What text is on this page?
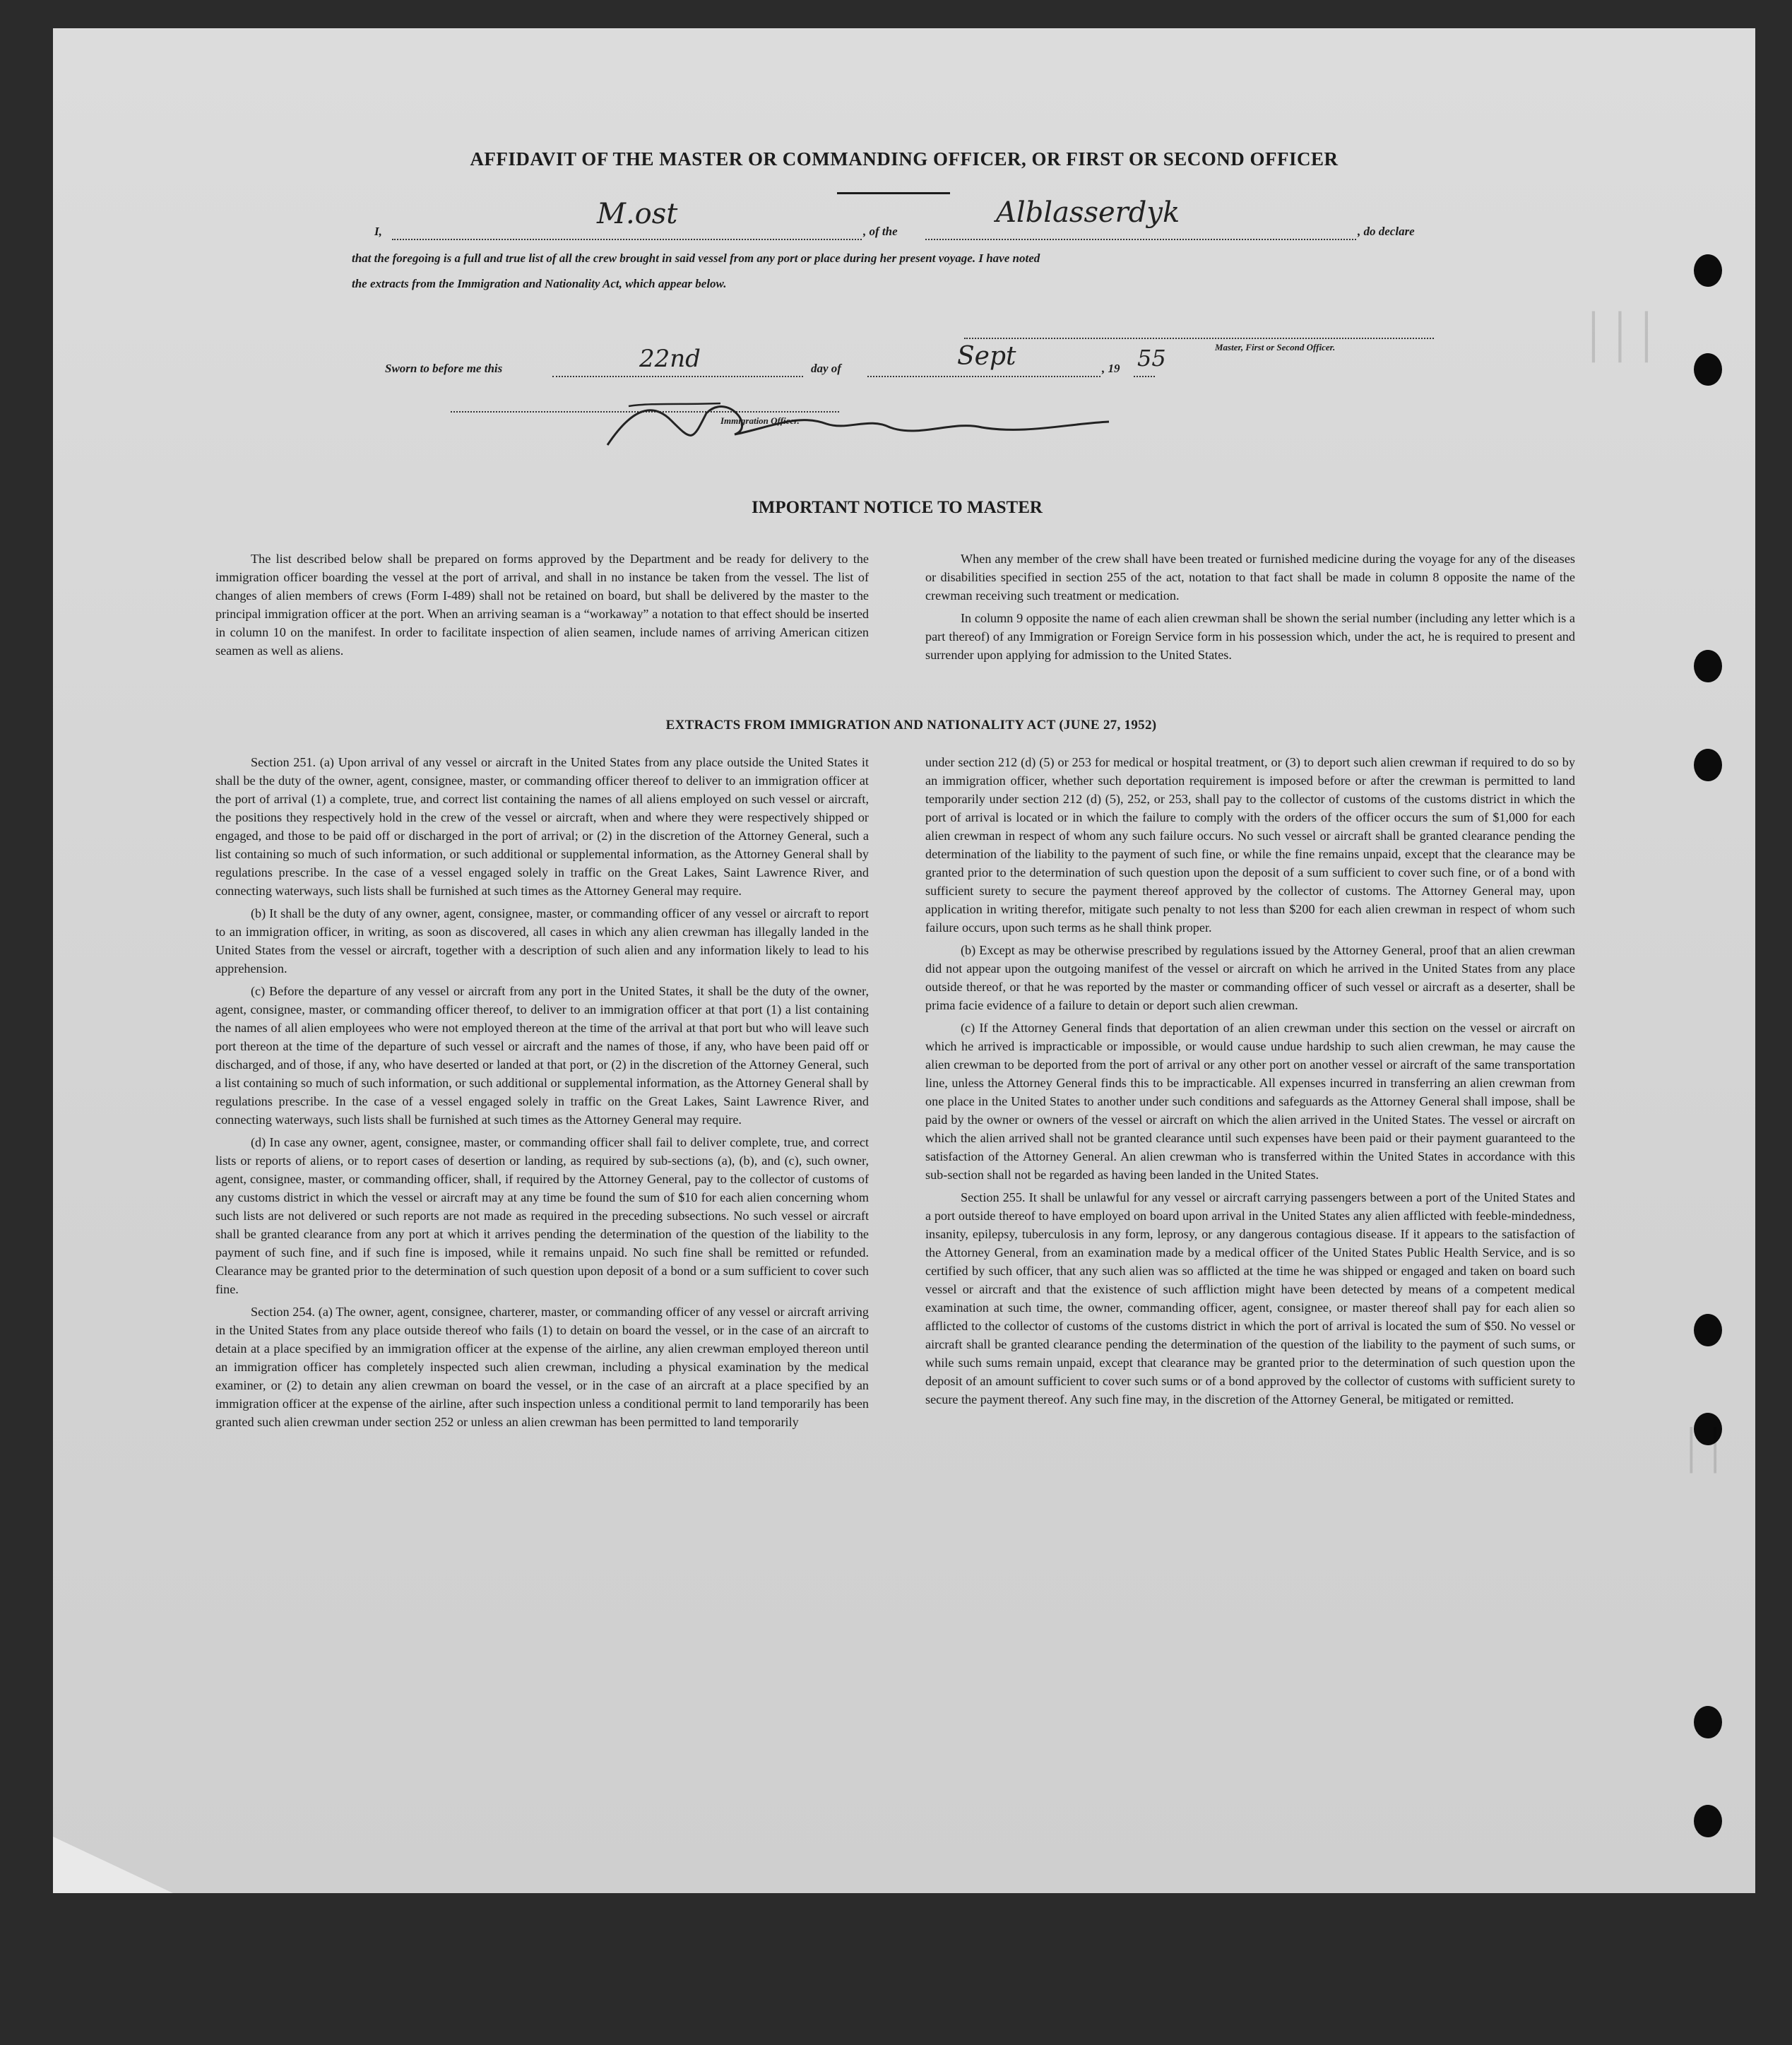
│││
││
AFFIDAVIT OF THE MASTER OR COMMANDING OFFICER, OR FIRST OR SECOND OFFICER
I,
M.ost
, of the
Alblasserdyk
, do declare
that the foregoing is a full and true list of all the crew brought in said vessel from any port or place during her present voyage. I have noted
the extracts from the Immigration and Nationality Act, which appear below.
Master, First or Second Officer.
Sworn to before me this	22nd	day of	Sept	, 19 55
Immigration Officer.
IMPORTANT NOTICE TO MASTER

The list described below shall be prepared on forms approved by the Department and be ready for delivery to the immigration officer boarding the vessel at the port of arrival, and shall in no instance be taken from the vessel. The list of changes of alien members of crews (Form I-489) shall not be retained on board, but shall be delivered by the master to the principal immigration officer at the port. When an arriving seaman is a “workaway” a notation to that effect should be inserted in column 10 on the manifest. In order to facilitate inspection of alien seamen, include names of arriving American citizen seamen as well as aliens.

When any member of the crew shall have been treated or furnished medicine during the voyage for any of the diseases or disabilities specified in section 255 of the act, notation to that fact shall be made in column 8 opposite the name of the crewman receiving such treatment or medication.

In column 9 opposite the name of each alien crewman shall be shown the serial number (including any letter which is a part thereof) of any Immigration or Foreign Service form in his possession which, under the act, he is required to present and surrender upon applying for admission to the United States.

EXTRACTS FROM IMMIGRATION AND NATIONALITY ACT (JUNE 27, 1952)

Section 251. (a) Upon arrival of any vessel or aircraft in the United States from any place outside the United States it shall be the duty of the owner, agent, consignee, master, or commanding officer thereof to deliver to an immigration officer at the port of arrival (1) a complete, true, and correct list containing the names of all aliens employed on such vessel or aircraft, the positions they respectively hold in the crew of the vessel or aircraft, when and where they were respectively shipped or engaged, and those to be paid off or discharged in the port of arrival; or (2) in the discretion of the Attorney General, such a list containing so much of such information, or such additional or supplemental information, as the Attorney General shall by regulations prescribe. In the case of a vessel engaged solely in traffic on the Great Lakes, Saint Lawrence River, and connecting waterways, such lists shall be furnished at such times as the Attorney General may require.

(b) It shall be the duty of any owner, agent, consignee, master, or commanding officer of any vessel or aircraft to report to an immigration officer, in writing, as soon as discovered, all cases in which any alien crewman has illegally landed in the United States from the vessel or aircraft, together with a description of such alien and any information likely to lead to his apprehension.

(c) Before the departure of any vessel or aircraft from any port in the United States, it shall be the duty of the owner, agent, consignee, master, or commanding officer thereof, to deliver to an immigration officer at that port (1) a list containing the names of all alien employees who were not employed thereon at the time of the arrival at that port but who will leave such port thereon at the time of the departure of such vessel or aircraft and the names of those, if any, who have been paid off or discharged, and of those, if any, who have deserted or landed at that port, or (2) in the discretion of the Attorney General, such a list containing so much of such information, or such additional or supplemental information, as the Attorney General shall by regulations prescribe. In the case of a vessel engaged solely in traffic on the Great Lakes, Saint Lawrence River, and connecting waterways, such lists shall be furnished at such times as the Attorney General may require.

(d) In case any owner, agent, consignee, master, or commanding officer shall fail to deliver complete, true, and correct lists or reports of aliens, or to report cases of desertion or landing, as required by sub-sections (a), (b), and (c), such owner, agent, consignee, master, or commanding officer, shall, if required by the Attorney General, pay to the collector of customs of any customs district in which the vessel or aircraft may at any time be found the sum of $10 for each alien concerning whom such lists are not delivered or such reports are not made as required in the preceding subsections. No such vessel or aircraft shall be granted clearance from any port at which it arrives pending the determination of the question of the liability to the payment of such fine, and if such fine is imposed, while it remains unpaid. No such fine shall be remitted or refunded. Clearance may be granted prior to the determination of such question upon deposit of a bond or a sum sufficient to cover such fine.

Section 254. (a) The owner, agent, consignee, charterer, master, or commanding officer of any vessel or aircraft arriving in the United States from any place outside thereof who fails (1) to detain on board the vessel, or in the case of an aircraft to detain at a place specified by an immigration officer at the expense of the airline, any alien crewman employed thereon until an immigration officer has completely inspected such alien crewman, including a physical examination by the medical examiner, or (2) to detain any alien crewman on board the vessel, or in the case of an aircraft at a place specified by an immigration officer at the expense of the airline, after such inspection unless a conditional permit to land temporarily has been granted such alien crewman under section 252 or unless an alien crewman has been permitted to land temporarily

under section 212 (d) (5) or 253 for medical or hospital treatment, or (3) to deport such alien crewman if required to do so by an immigration officer, whether such deportation requirement is imposed before or after the crewman is permitted to land temporarily under section 212 (d) (5), 252, or 253, shall pay to the collector of customs of the customs district in which the port of arrival is located or in which the failure to comply with the orders of the officer occurs the sum of $1,000 for each alien crewman in respect of whom any such failure occurs. No such vessel or aircraft shall be granted clearance pending the determination of the liability to the payment of such fine, or while the fine remains unpaid, except that the clearance may be granted prior to the determination of such question upon the deposit of a sum sufficient to cover such fine, or of a bond with sufficient surety to secure the payment thereof approved by the collector of customs. The Attorney General may, upon application in writing therefor, mitigate such penalty to not less than $200 for each alien crewman in respect of whom such failure occurs, upon such terms as he shall think proper.

(b) Except as may be otherwise prescribed by regulations issued by the Attorney General, proof that an alien crewman did not appear upon the outgoing manifest of the vessel or aircraft on which he arrived in the United States from any place outside thereof, or that he was reported by the master or commanding officer of such vessel or aircraft as a deserter, shall be prima facie evidence of a failure to detain or deport such alien crewman.

(c) If the Attorney General finds that deportation of an alien crewman under this section on the vessel or aircraft on which he arrived is impracticable or impossible, or would cause undue hardship to such alien crewman, he may cause the alien crewman to be deported from the port of arrival or any other port on another vessel or aircraft of the same transportation line, unless the Attorney General finds this to be impracticable. All expenses incurred in transferring an alien crewman from one place in the United States to another under such conditions and safeguards as the Attorney General shall impose, shall be paid by the owner or owners of the vessel or aircraft on which the alien arrived in the United States. The vessel or aircraft on which the alien arrived shall not be granted clearance until such expenses have been paid or their payment guaranteed to the satisfaction of the Attorney General. An alien crewman who is transferred within the United States in accordance with this sub-section shall not be regarded as having been landed in the United States.

Section 255. It shall be unlawful for any vessel or aircraft carrying passengers between a port of the United States and a port outside thereof to have employed on board upon arrival in the United States any alien afflicted with feeble-mindedness, insanity, epilepsy, tuberculosis in any form, leprosy, or any dangerous contagious disease. If it appears to the satisfaction of the Attorney General, from an examination made by a medical officer of the United States Public Health Service, and is so certified by such officer, that any such alien was so afflicted at the time he was shipped or engaged and taken on board such vessel or aircraft and that the existence of such affliction might have been detected by means of a competent medical examination at such time, the owner, commanding officer, agent, consignee, or master thereof shall pay for each alien so afflicted to the collector of customs of the customs district in which the port of arrival is located the sum of $50. No vessel or aircraft shall be granted clearance pending the determination of the question of the liability to the payment of such sums, or while such sums remain unpaid, except that clearance may be granted prior to the determination of such question upon the deposit of an amount sufficient to cover such sums or of a bond approved by the collector of customs with sufficient surety to secure the payment thereof. Any such fine may, in the discretion of the Attorney General, be mitigated or remitted.
